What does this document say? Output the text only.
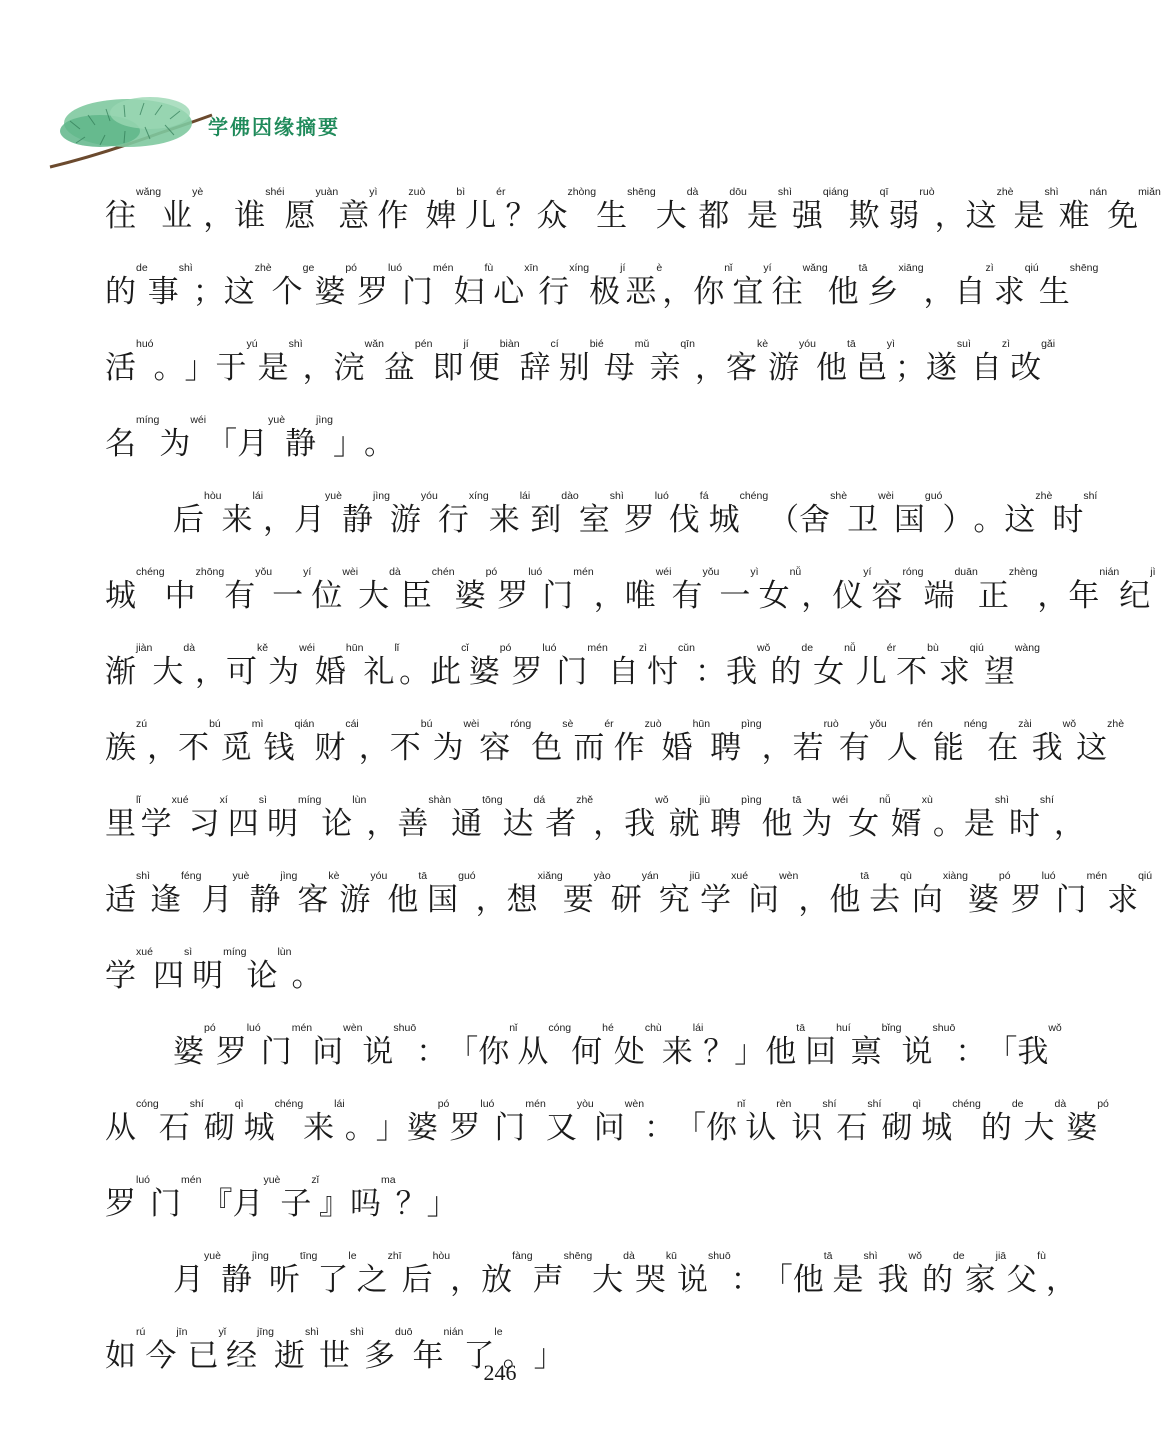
学佛因缘摘要
往wǎng
业yè
， 谁shéi
愿yuàn
意yì
作zuò
婢bì
儿ér
？ 众zhòng
生shēng
大dà
都dōu
是shì
强qiáng
欺qī
弱ruò
， 这zhè
是shì
难nán
免miǎn
的de
事shì
； 这zhè
个ge
婆pó
罗luó
门mén
妇fù
心xīn
行xíng
极jí
恶è
， 你nǐ
宜yí
往wǎng
他tā
乡xiāng
， 自zì
求qiú
生shēng
活huó
。 」 于yú
是shì
， 浣wǎn
盆pén
即jí
便biàn
辞cí
别bié
母mǔ
亲qīn
， 客kè
游yóu
他tā
邑yì
； 遂suì
自zì
改gǎi
名míng
为wéi
「 月yuè
静jìng
」 。
后hòu
来lái
， 月yuè
静jìng
游yóu
行xíng
来lái
到dào
室shì
罗luó
伐fá
城chéng
（ 舍shè
卫wèi
国guó
） 。 这zhè
时shí
城chéng
中zhōng
有yǒu
一yí
位wèi
大dà
臣chén
婆pó
罗luó
门mén
， 唯wéi
有yǒu
一yì
女nǚ
， 仪yí
容róng
端duān
正zhèng
， 年nián
纪jì
渐jiàn
大dà
， 可kě
为wéi
婚hūn
礼lǐ
。 此cǐ
婆pó
罗luó
门mén
自zì
忖cǔn
： 我wǒ
的de
女nǚ
儿ér
不bù
求qiú
望wàng
族zú
， 不bú
觅mì
钱qián
财cái
， 不bú
为wèi
容róng
色sè
而ér
作zuò
婚hūn
聘pìng
， 若ruò
有yǒu
人rén
能néng
在zài
我wǒ
这zhè
里lǐ
学xué
习xí
四sì
明míng
论lùn
， 善shàn
通tōng
达dá
者zhě
， 我wǒ
就jiù
聘pìng
他tā
为wéi
女nǚ
婿xù
。 是shì
时shí
，
适shì
逢féng
月yuè
静jìng
客kè
游yóu
他tā
国guó
， 想xiǎng
要yào
研yán
究jiū
学xué
问wèn
， 他tā
去qù
向xiàng
婆pó
罗luó
门mén
求qiú
学xué
四sì
明míng
论lùn
。
婆pó
罗luó
门mén
问wèn
说shuō
： 「 你nǐ
从cóng
何hé
处chù
来lái
？ 」 他tā
回huí
禀bǐng
说shuō
： 「 我wǒ
从cóng
石shí
砌qì
城chéng
来lái
。 」 婆pó
罗luó
门mén
又yòu
问wèn
： 「 你nǐ
认rèn
识shí
石shí
砌qì
城chéng
的de
大dà
婆pó
罗luó
门mén
『 月yuè
子zǐ
』 吗ma
？ 」
月yuè
静jìng
听tīng
了le
之zhī
后hòu
， 放fàng
声shēng
大dà
哭kū
说shuō
： 「 他tā
是shì
我wǒ
的de
家jiā
父fù
，
如rú
今jīn
已yǐ
经jīng
逝shì
世shì
多duō
年nián
了le
。 」
246
